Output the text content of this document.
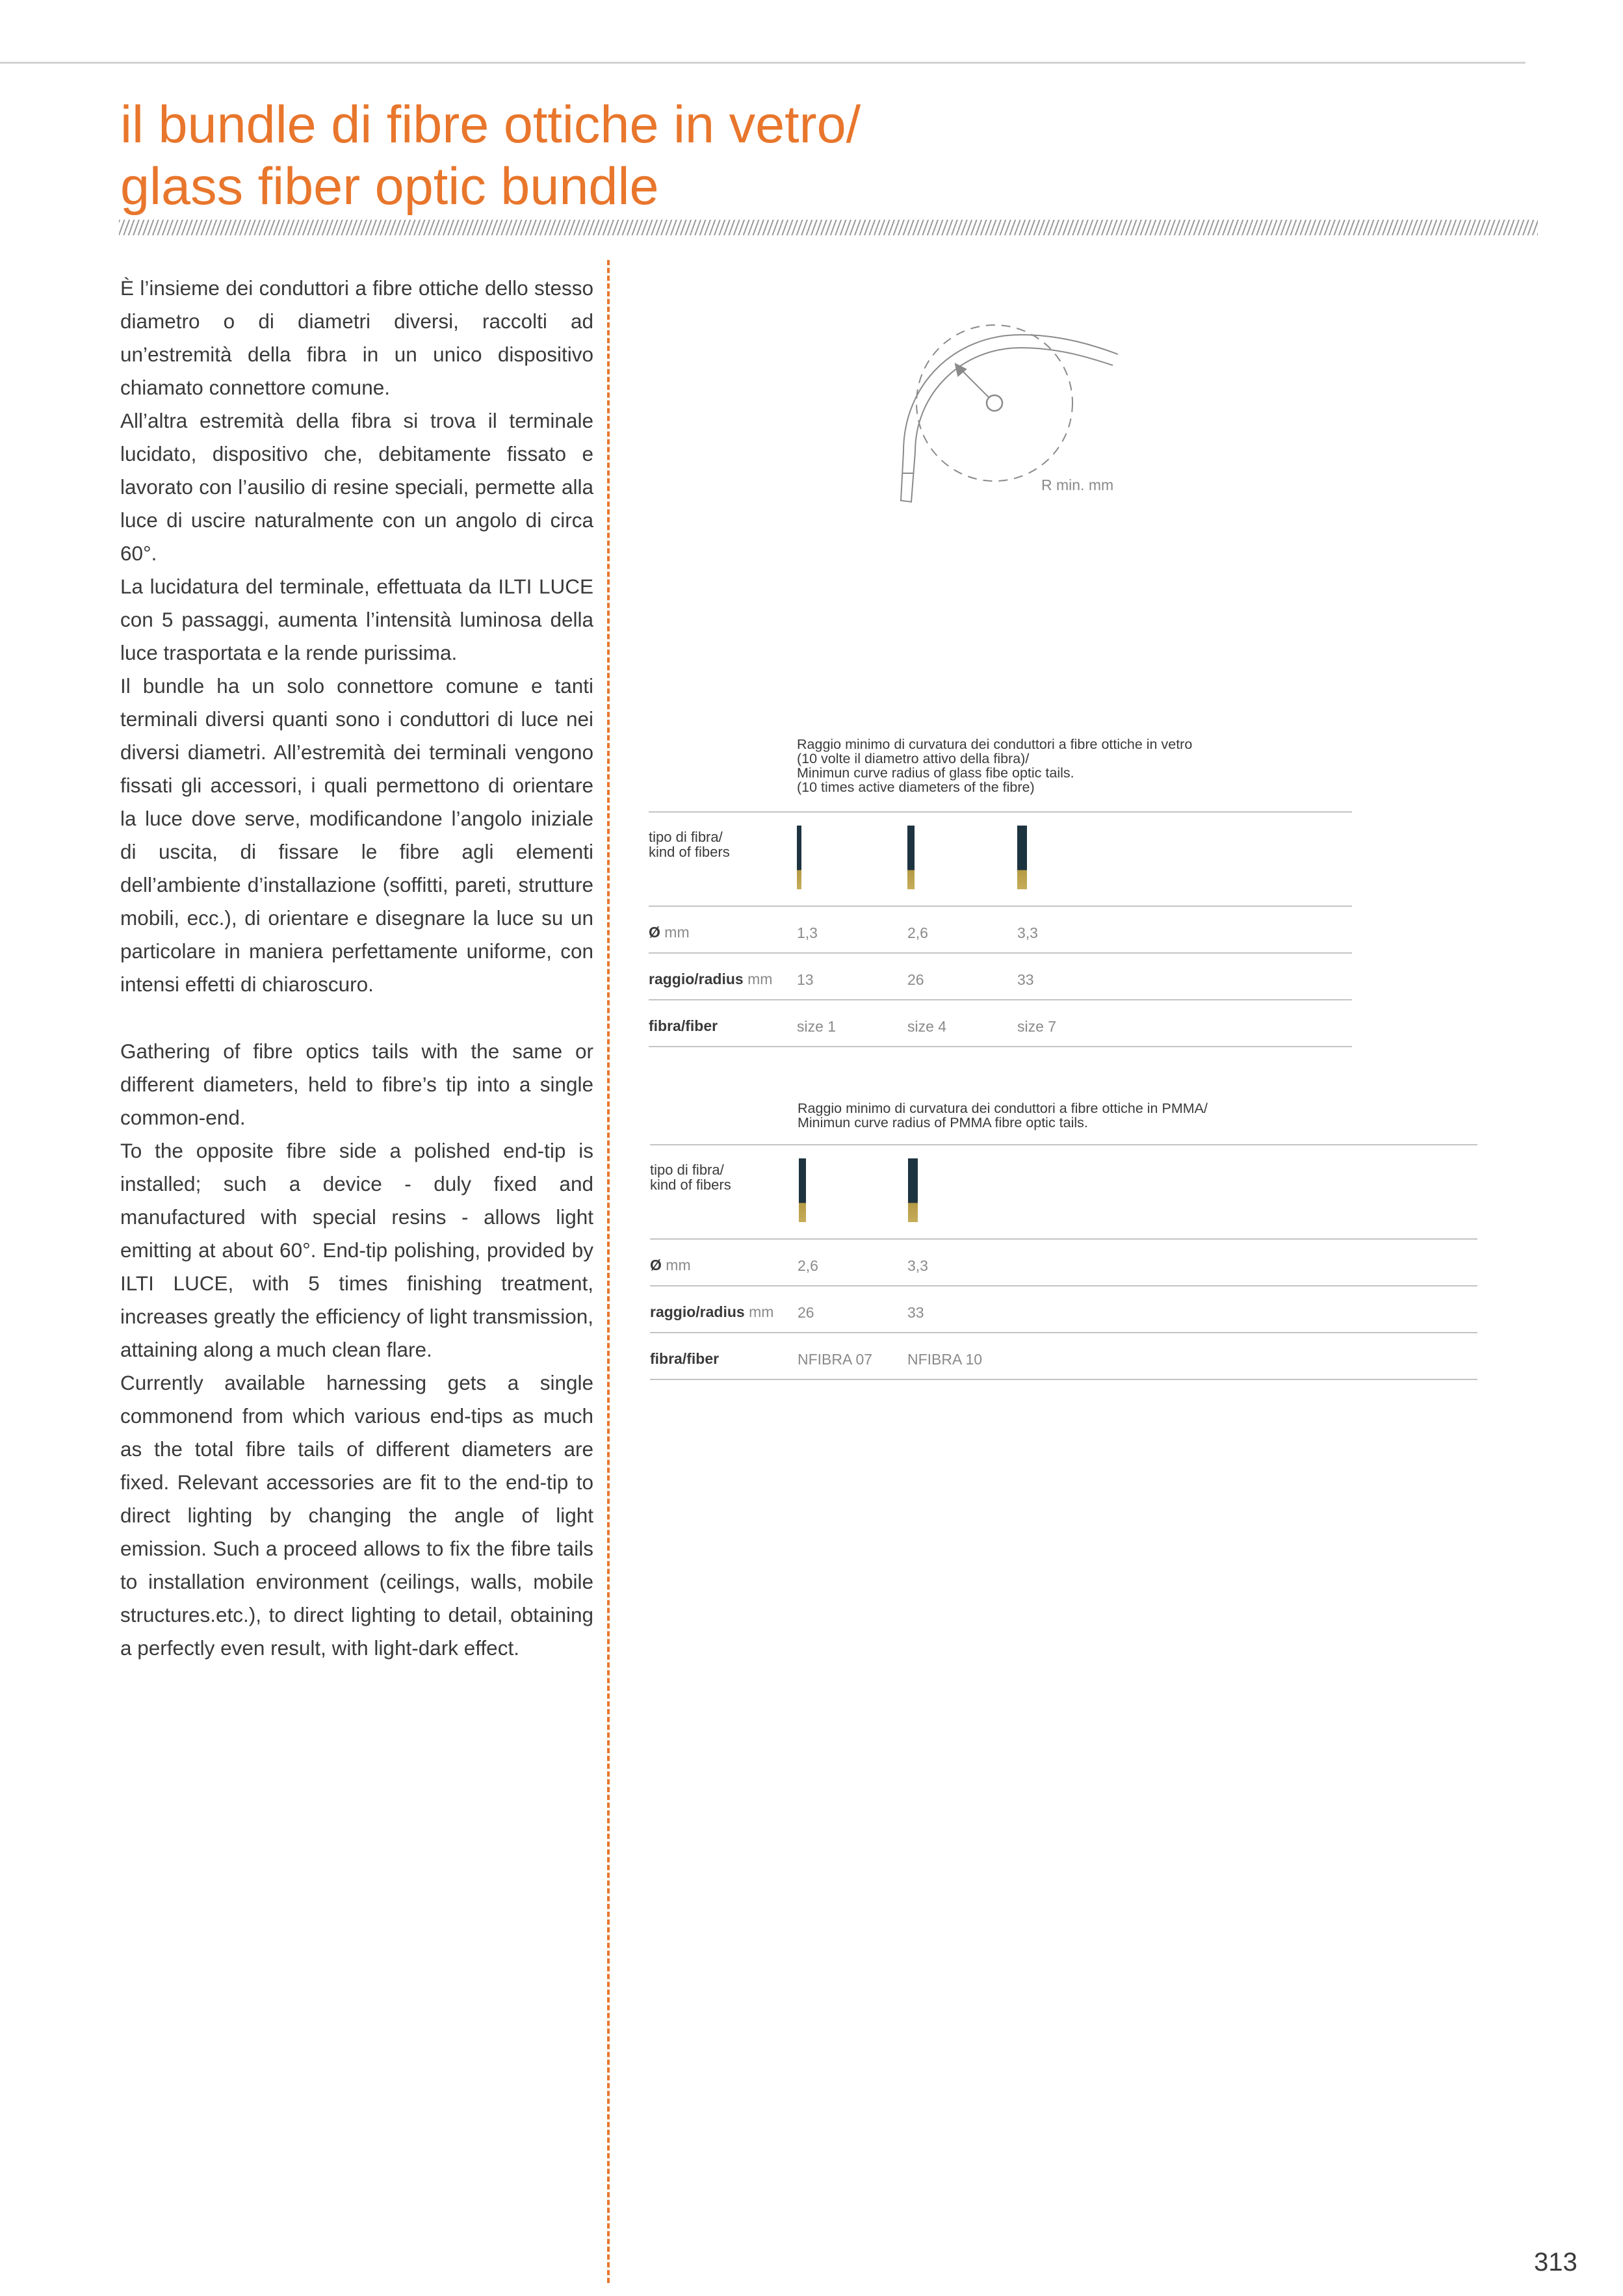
il bundle di fibre ottiche in vetro/
glass fiber optic bundle

È l’insieme dei conduttori a fibre ottiche dello stesso diametro o di diametri diversi, raccolti ad un’estremità della fibra in un unico dispositivo chiamato connettore comune.

All’altra estremità della fibra si trova il terminale lucidato, dispositivo che, debitamente fissato e lavorato con l’ausilio di resine speciali, permette alla luce di uscire naturalmente con un angolo di circa 60°.

La lucidatura del terminale, effettuata da ILTI LUCE con 5 passaggi, aumenta l’intensità luminosa della luce trasportata e la rende purissima.

Il bundle ha un solo connettore comune e tanti terminali diversi quanti sono i conduttori di luce nei diversi diametri. All’estremità dei terminali vengono fissati gli accessori, i quali permettono di orientare la luce dove serve, modificandone l’angolo iniziale di uscita, di fissare le fibre agli elementi dell’ambiente d’installazione (soffitti, pareti, strutture mobili, ecc.), di orientare e disegnare la luce su un particolare in maniera perfettamente uniforme, con intensi effetti di chiaroscuro.

Gathering of fibre optics tails with the same or different diameters, held to fibre’s tip into a single common-end.

To the opposite fibre side a polished end-tip is installed; such a device - duly fixed and manufactured with special resins - allows light emitting at about 60°. End-tip polishing, provided by ILTI LUCE, with 5 times finishing treatment, increases greatly the efficiency of light transmission, attaining along a much clean flare.

Currently available harnessing gets a single commonend from which various end-tips as much as the total fibre tails of different diameters are fixed. Relevant accessories are fit to the end-tip to direct lighting by changing the angle of light emission. Such a proceed allows to fix the fibre tails to installation environment (ceilings, walls, mobile structures.etc.), to direct lighting to detail, obtaining a perfectly even result, with light-dark effect.

R min. mm
Raggio minimo di curvatura dei conduttori a fibre ottiche in vetro
(10 volte il diametro attivo della fibra)/
Minimun curve radius of glass fibe optic tails.
(10 times active diameters of the fibre)
tipo di fibra/
kind of fibers
Ø mm	1,3	2,6	3,3
raggio/radius mm 13	26	33
fibra/fiber	size 1	size 4	size 7
Raggio minimo di curvatura dei conduttori a fibre ottiche in PMMA/
Minimun curve radius of PMMA fibre optic tails.
tipo di fibra/
kind of fibers
Ø mm	2,6	3,3
raggio/radius mm 26	33
fibra/fiber	NFIBRA 07 NFIBRA 10
313
